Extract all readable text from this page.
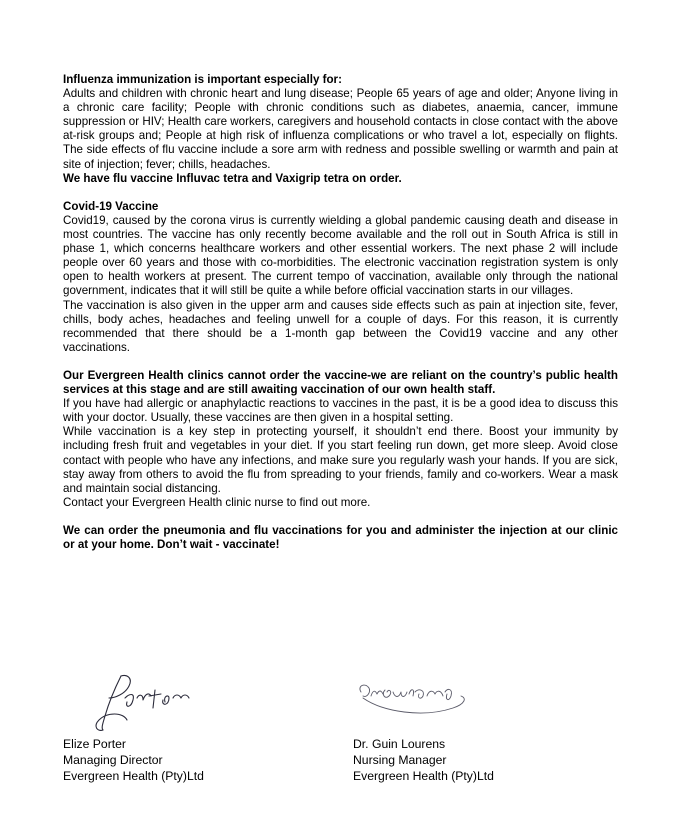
Influenza immunization is important especially for:

Adults and children with chronic heart and lung disease; People 65 years of age and older; Anyone living in a chronic care facility; People with chronic conditions such as diabetes, anaemia, cancer, immune suppression or HIV; Health care workers, caregivers and household contacts in close contact with the above at-risk groups and; People at high risk of influenza complications or who travel a lot, especially on flights. The side effects of flu vaccine include a sore arm with redness and possible swelling or warmth and pain at site of injection; fever; chills, headaches.

We have flu vaccine Influvac tetra and Vaxigrip tetra on order.

Covid-19 Vaccine

Covid19, caused by the corona virus is currently wielding a global pandemic causing death and disease in most countries. The vaccine has only recently become available and the roll out in South Africa is still in phase 1, which concerns healthcare workers and other essential workers. The next phase 2 will include people over 60 years and those with co-morbidities. The electronic vaccination registration system is only open to health workers at present. The current tempo of vaccination, available only through the national government, indicates that it will still be quite a while before official vaccination starts in our villages.

The vaccination is also given in the upper arm and causes side effects such as pain at injection site, fever, chills, body aches, headaches and feeling unwell for a couple of days. For this reason, it is currently recommended that there should be a 1-month gap between the Covid19 vaccine and any other vaccinations.

Our Evergreen Health clinics cannot order the vaccine-we are reliant on the country’s public health services at this stage and are still awaiting vaccination of our own health staff.

If you have had allergic or anaphylactic reactions to vaccines in the past, it is be a good idea to discuss this with your doctor. Usually, these vaccines are then given in a hospital setting.

While vaccination is a key step in protecting yourself, it shouldn’t end there. Boost your immunity by including fresh fruit and vegetables in your diet. If you start feeling run down, get more sleep. Avoid close contact with people who have any infections, and make sure you regularly wash your hands. If you are sick, stay away from others to avoid the flu from spreading to your friends, family and co-workers. Wear a mask and maintain social distancing.

Contact your Evergreen Health clinic nurse to find out more.

We can order the pneumonia and flu vaccinations for you and administer the injection at our clinic or at your home. Don’t wait - vaccinate!

Elize Porter
Managing Director
Evergreen Health (Pty)Ltd
Dr. Guin Lourens
Nursing Manager
Evergreen Health (Pty)Ltd
